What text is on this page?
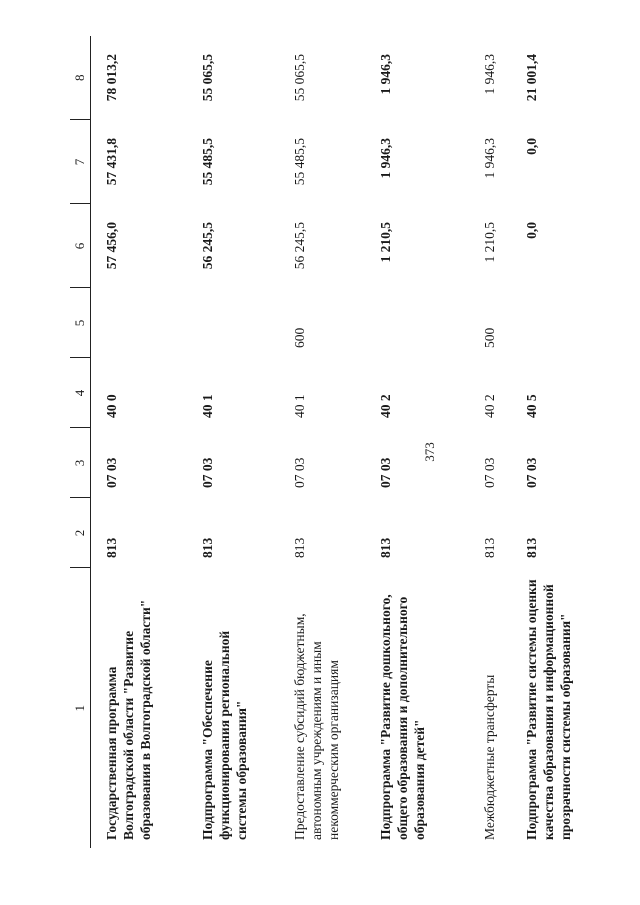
373
1	2	3	4	5	6	7	8
Государственная программа Волгоградской области "Развитие образования в Волгоградской области"	813	07 03	40 0		57 456,0	57 431,8	78 013,2
Подпрограмма "Обеспечение функционирования региональной системы образования"	813	07 03	40 1		56 245,5	55 485,5	55 065,5
Предоставление субсидий бюджетным, автономным учреждениям и иным некоммерческим организациям	813	07 03	40 1	600	56 245,5	55 485,5	55 065,5
Подпрограмма "Развитие дошкольного, общего образования и дополнительного образования детей"	813	07 03	40 2		1 210,5	1 946,3	1 946,3
Межбюджетные трансферты	813	07 03	40 2	500	1 210,5	1 946,3	1 946,3
Подпрограмма "Развитие системы оценки качества образования и информационной прозрачности системы образования"	813	07 03	40 5		0,0	0,0	21 001,4
